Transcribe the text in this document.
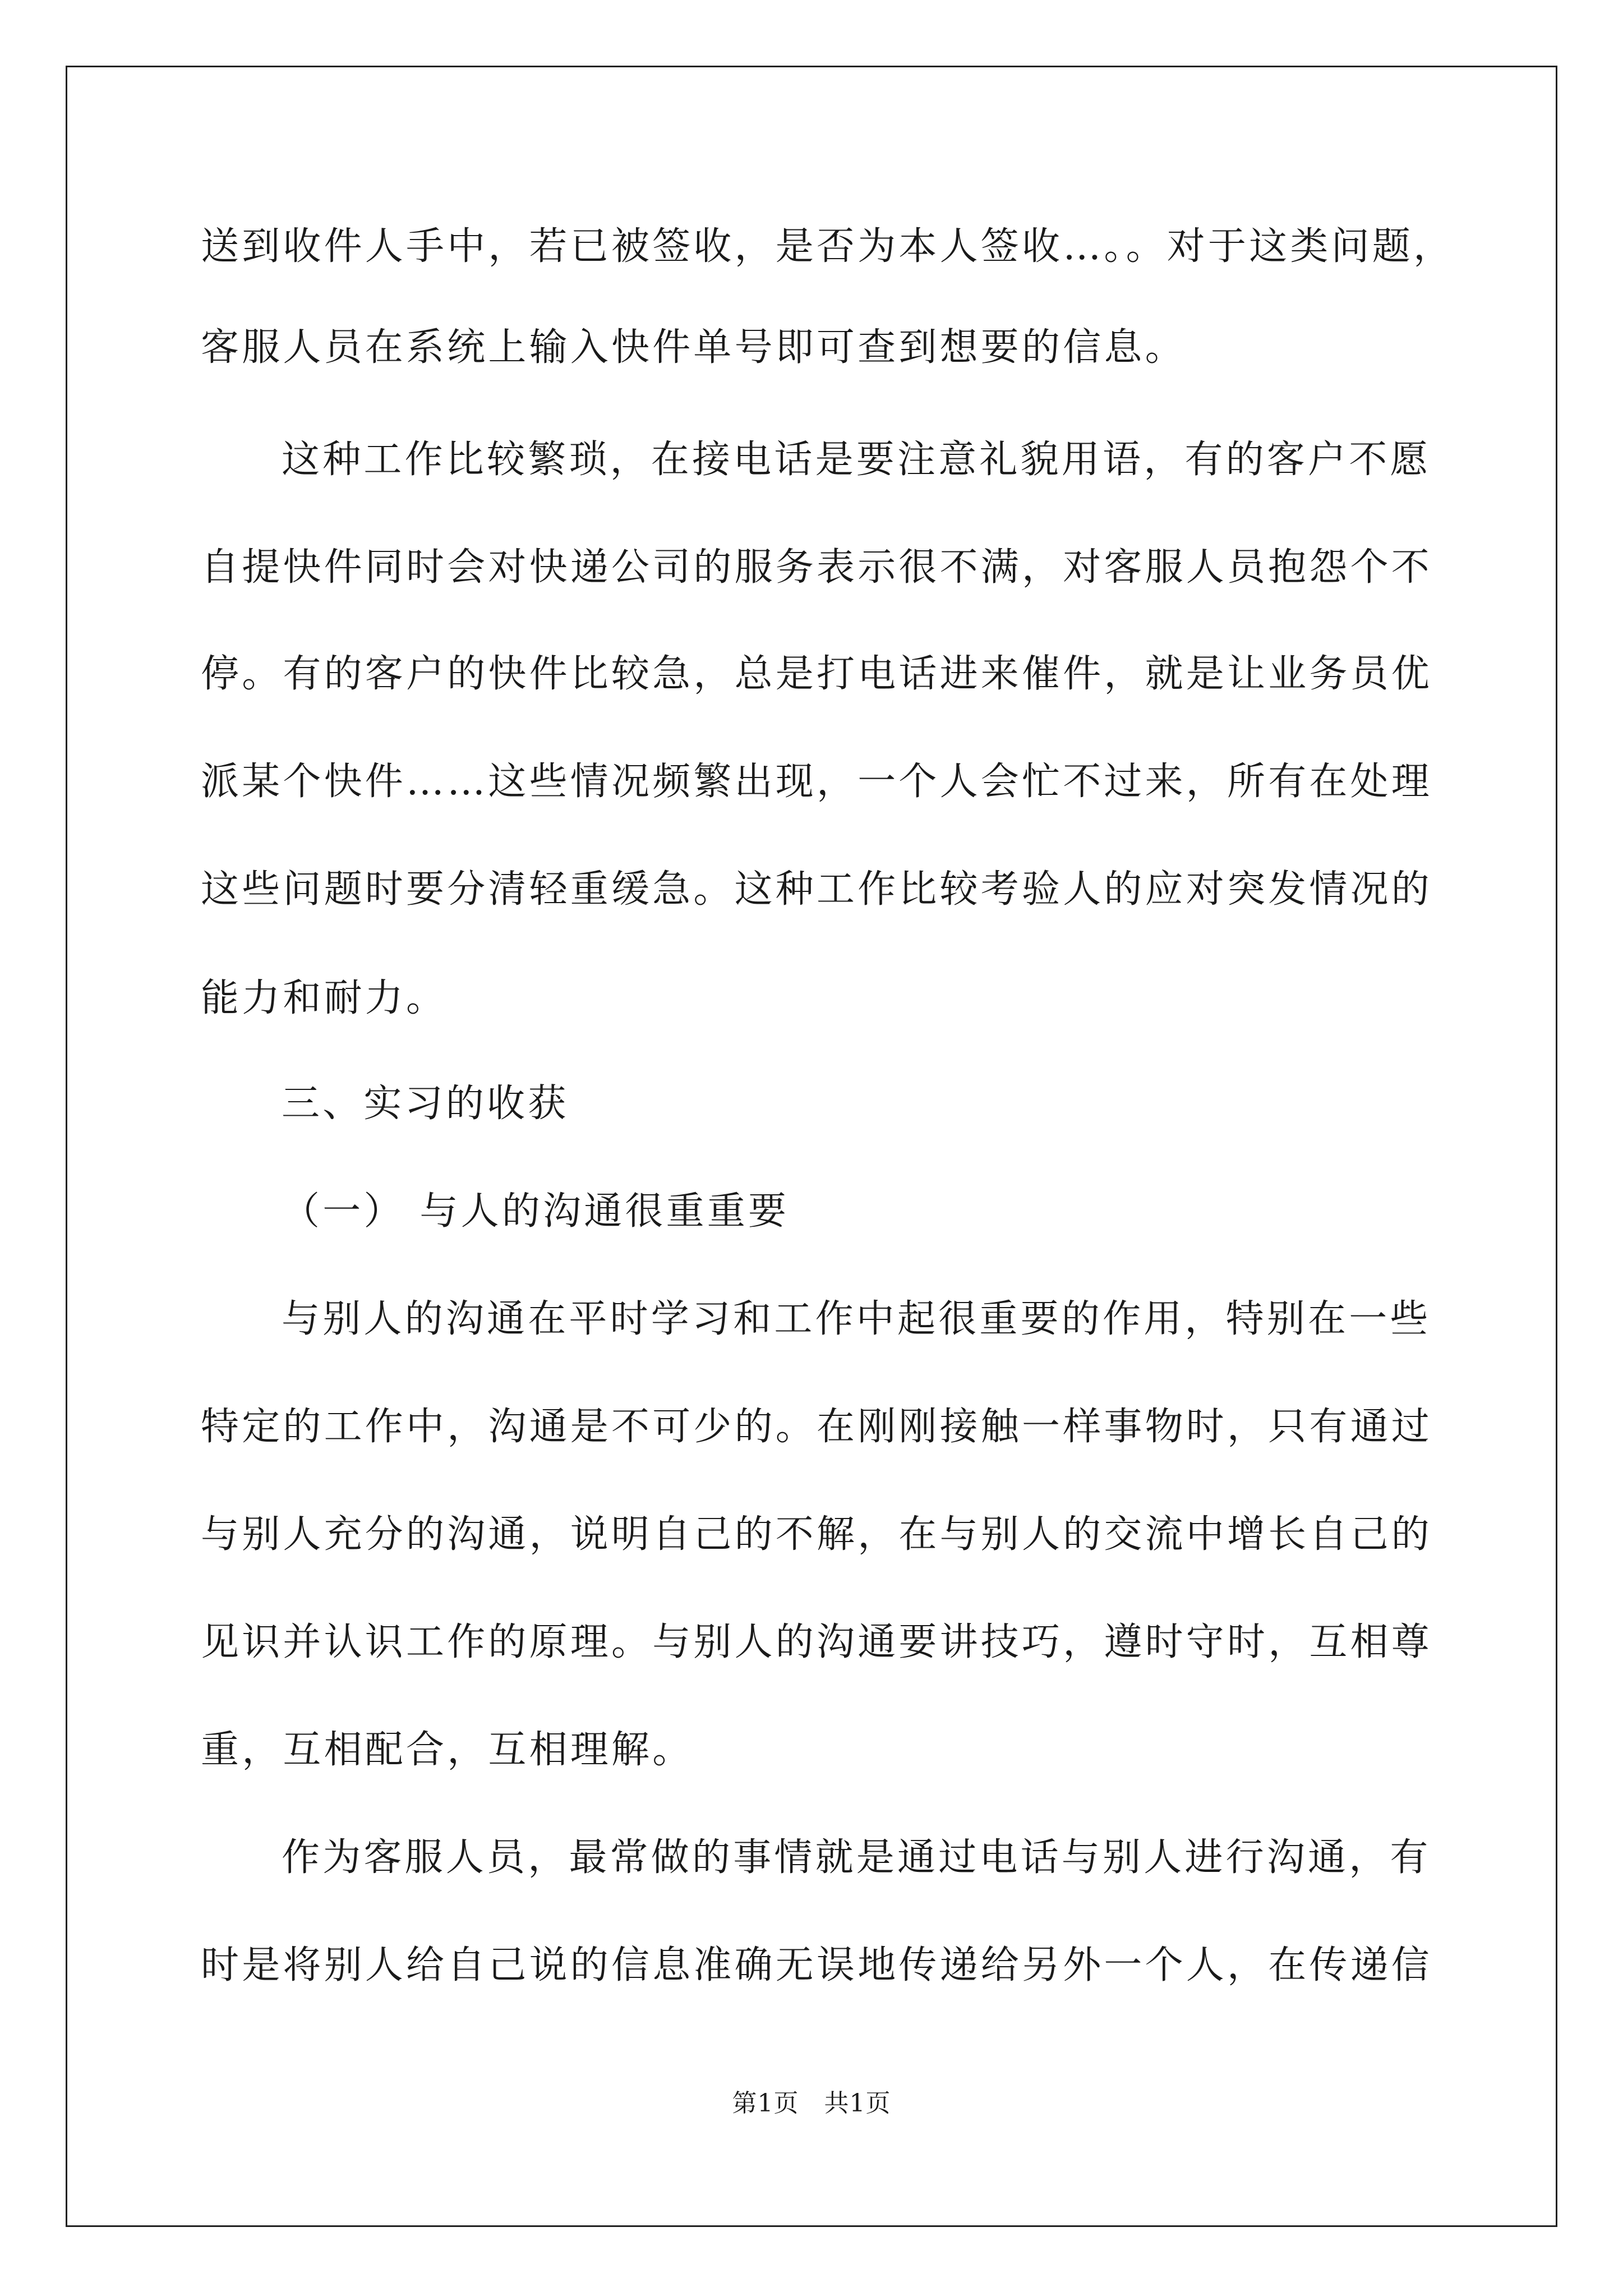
送到收件人手中，若已被签收，是否为本人签收…。。对于这类问题，
客服人员在系统上输入快件单号即可查到想要的信息。
这种工作比较繁琐，在接电话是要注意礼貌用语，有的客户不愿
自提快件同时会对快递公司的服务表示很不满，对客服人员抱怨个不
停。有的客户的快件比较急，总是打电话进来催件，就是让业务员优
派某个快件……这些情况频繁出现，一个人会忙不过来，所有在处理
这些问题时要分清轻重缓急。这种工作比较考验人的应对突发情况的
能力和耐力。
三、实习的收获
（一） 与人的沟通很重重要
与别人的沟通在平时学习和工作中起很重要的作用，特别在一些
特定的工作中，沟通是不可少的。在刚刚接触一样事物时，只有通过
与别人充分的沟通，说明自己的不解，在与别人的交流中增长自己的
见识并认识工作的原理。与别人的沟通要讲技巧，遵时守时，互相尊
重，互相配合，互相理解。
作为客服人员，最常做的事情就是通过电话与别人进行沟通，有
时是将别人给自己说的信息准确无误地传递给另外一个人，在传递信
第1页　共1页
